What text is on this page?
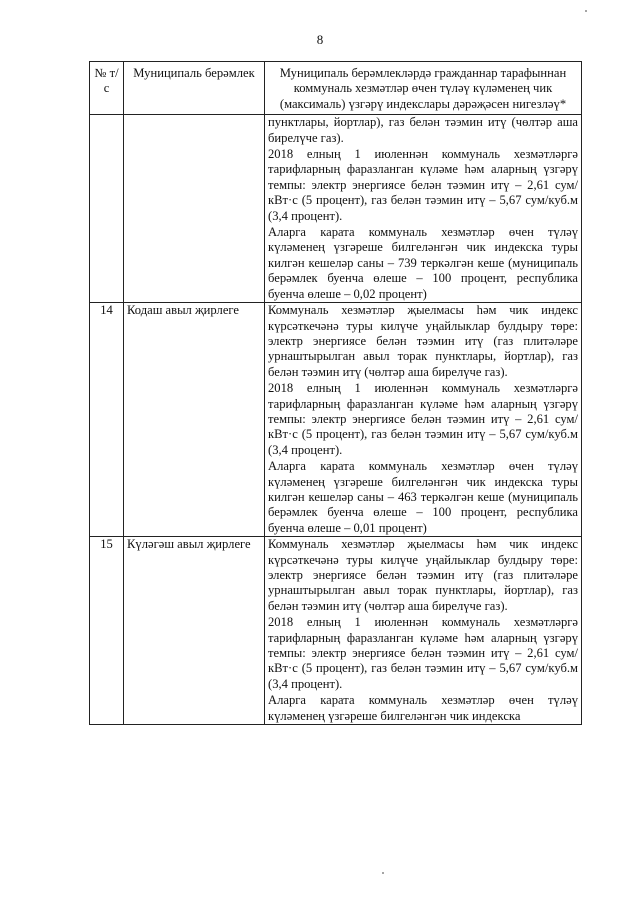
8
№ т/с	Муниципаль берәмлек	Муниципаль берәмлекләрдә гражданнар тарафыннан коммуналь хезмәтләр өчен түләү күләменең чик (максималь) үзгәрү индекслары дәрәҗәсен нигезләү*

		пунктлары, йортлар), газ белән тәэмин итү (чөлтәр аша бирелүче газ).

2018 елның 1 июленнән коммуналь хезмәтләргә тарифларның фаразланган күләме һәм аларның үзгәрү темпы: электр энергиясе белән тәэмин итү – 2,61 сум/кВт·с (5 процент), газ белән тәэмин итү – 5,67 сум/куб.м (3,4 процент).

Аларга карата коммуналь хезмәтләр өчен түләү күләменең үзгәреше билгеләнгән чик индекска туры килгән кешеләр саны – 739 теркәлгән кеше (муниципаль берәмлек буенча өлеше – 100 процент, республика буенча өлеше – 0,02 процент)

14	Кодаш авыл җирлеге	Коммуналь хезмәтләр җыелмасы һәм чик индекс күрсәткечәнә туры килүче уңайлыклар булдыру төре: электр энергиясе белән тәэмин итү (газ плитәләре урнаштырылган авыл торак пунктлары, йортлар), газ белән тәэмин итү (чөлтәр аша бирелүче газ).

2018 елның 1 июленнән коммуналь хезмәтләргә тарифларның фаразланган күләме һәм аларның үзгәрү темпы: электр энергиясе белән тәэмин итү – 2,61 сум/кВт·с (5 процент), газ белән тәэмин итү – 5,67 сум/куб.м (3,4 процент).

Аларга карата коммуналь хезмәтләр өчен түләү күләменең үзгәреше билгеләнгән чик индекска туры килгән кешеләр саны – 463 теркәлгән кеше (муниципаль берәмлек буенча өлеше – 100 процент, республика буенча өлеше – 0,01 процент)

15	Күләгәш авыл җирлеге	Коммуналь хезмәтләр җыелмасы һәм чик индекс күрсәткечәнә туры килүче уңайлыклар булдыру төре: электр энергиясе белән тәэмин итү (газ плитәләре урнаштырылган авыл торак пунктлары, йортлар), газ белән тәэмин итү (чөлтәр аша бирелүче газ).

2018 елның 1 июленнән коммуналь хезмәтләргә тарифларның фаразланган күләме һәм аларның үзгәрү темпы: электр энергиясе белән тәэмин итү – 2,61 сум/кВт·с (5 процент), газ белән тәэмин итү – 5,67 сум/куб.м (3,4 процент).

Аларга карата коммуналь хезмәтләр өчен түләү күләменең үзгәреше билгеләнгән чик индекска
